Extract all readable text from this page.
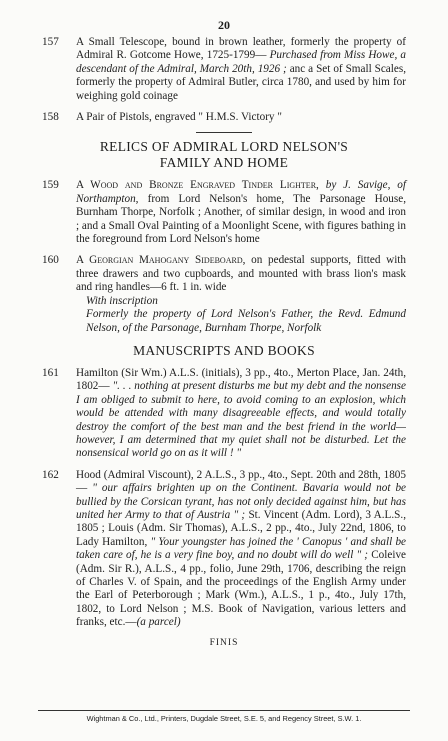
20
157 A Small Telescope, bound in brown leather, formerly the property of Admiral R. Gotcome Howe, 1725-1799— Purchased from Miss Howe, a descendant of the Admiral, March 20th, 1926 ; anc a Set of Small Scales, formerly the property of Admiral Butler, circa 1780, and used by him for weighing gold coinage

158 A Pair of Pistols, engraved " H.M.S. Victory "

RELICS OF ADMIRAL LORD NELSON'S
FAMILY AND HOME
159 A Wood and Bronze Engraved Tinder Lighter, by J. Savige, of Northampton, from Lord Nelson's home, The Parsonage House, Burnham Thorpe, Norfolk ; Another, of similar design, in wood and iron ; and a Small Oval Painting of a Moonlight Scene, with figures bathing in the foreground from Lord Nelson's home

160 A Georgian Mahogany Sideboard, on pedestal supports, fitted with three drawers and two cupboards, and mounted with brass lion's mask and ring handles—6 ft. 1 in. wide

With inscription

Formerly the property of Lord Nelson's Father, the Revd. Edmund Nelson, of the Parsonage, Burnham Thorpe, Norfolk

MANUSCRIPTS AND BOOKS
161 Hamilton (Sir Wm.) A.L.S. (initials), 3 pp., 4to., Merton Place, Jan. 24th, 1802— ". . . nothing at present disturbs me but my debt and the nonsense I am obliged to submit to here, to avoid coming to an explosion, which would be attended with many disagreeable effects, and would totally destroy the comfort of the best man and the best friend in the world—however, I am determined that my quiet shall not be disturbed. Let the nonsensical world go on as it will ! "

162 Hood (Admiral Viscount), 2 A.L.S., 3 pp., 4to., Sept. 20th and 28th, 1805— " our affairs brighten up on the Continent. Bavaria would not be bullied by the Corsican tyrant, has not only decided against him, but has united her Army to that of Austria " ; St. Vincent (Adm. Lord), 3 A.L.S., 1805 ; Louis (Adm. Sir Thomas), A.L.S., 2 pp., 4to., July 22nd, 1806, to Lady Hamilton, " Your youngster has joined the ' Canopus ' and shall be taken care of, he is a very fine boy, and no doubt will do well " ; Coleive (Adm. Sir R.), A.L.S., 4 pp., folio, June 29th, 1706, describing the reign of Charles V. of Spain, and the proceedings of the English Army under the Earl of Peterborough ; Mark (Wm.), A.L.S., 1 p., 4to., July 17th, 1802, to Lord Nelson ; M.S. Book of Navigation, various letters and franks, etc.—(a parcel)

FINIS
Wightman & Co., Ltd., Printers, Dugdale Street, S.E. 5, and Regency Street, S.W. 1.
